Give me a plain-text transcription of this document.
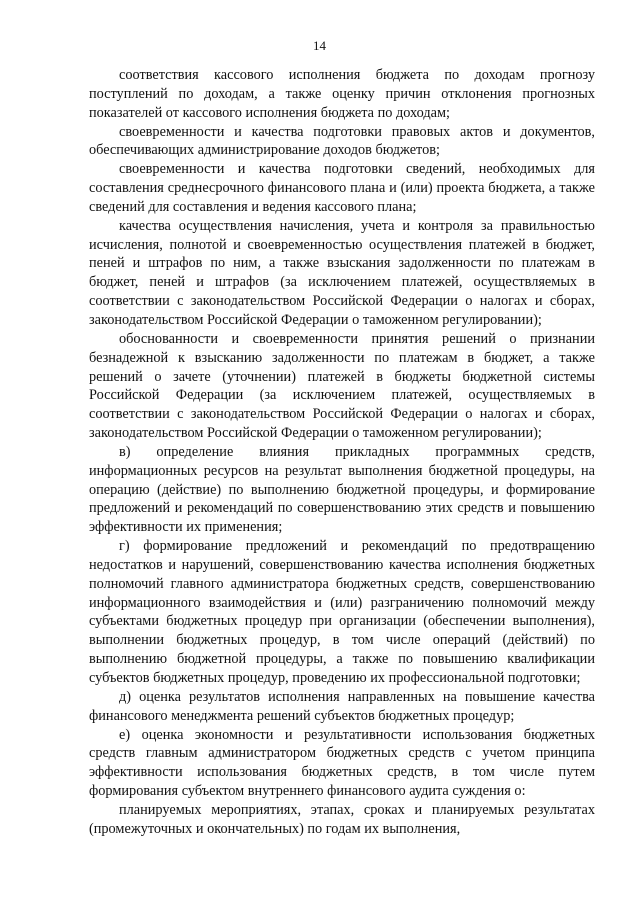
14

соответствия кассового исполнения бюджета по доходам прогнозу поступлений по доходам, а также оценку причин отклонения прогнозных показателей от кассового исполнения бюджета по доходам;

своевременности и качества подготовки правовых актов и документов, обеспечивающих администрирование доходов бюджетов;

своевременности и качества подготовки сведений, необходимых для составления среднесрочного финансового плана и (или) проекта бюджета, а также сведений для составления и ведения кассового плана;

качества осуществления начисления, учета и контроля за правильностью исчисления, полнотой и своевременностью осуществления платежей в бюджет, пеней и штрафов по ним, а также взыскания задолженности по платежам в бюджет, пеней и штрафов (за исключением платежей, осуществляемых в соответствии с законодательством Российской Федерации о налогах и сборах, законодательством Российской Федерации о таможенном регулировании);

обоснованности и своевременности принятия решений о признании безнадежной к взысканию задолженности по платежам в бюджет, а также решений о зачете (уточнении) платежей в бюджеты бюджетной системы Российской Федерации (за исключением платежей, осуществляемых в соответствии с законодательством Российской Федерации о налогах и сборах, законодательством Российской Федерации о таможенном регулировании);

в) определение влияния прикладных программных средств, информационных ресурсов на результат выполнения бюджетной процедуры, на операцию (действие) по выполнению бюджетной процедуры, и формирование предложений и рекомендаций по совершенствованию этих средств и повышению эффективности их применения;

г) формирование предложений и рекомендаций по предотвращению недостатков и нарушений, совершенствованию качества исполнения бюджетных полномочий главного администратора бюджетных средств, совершенствованию информационного взаимодействия и (или) разграничению полномочий между субъектами бюджетных процедур при организации (обеспечении выполнения), выполнении бюджетных процедур, в том числе операций (действий) по выполнению бюджетной процедуры, а также по повышению квалификации субъектов бюджетных процедур, проведению их профессиональной подготовки;

д) оценка результатов исполнения направленных на повышение качества финансового менеджмента решений субъектов бюджетных процедур;

е) оценка экономности и результативности использования бюджетных средств главным администратором бюджетных средств с учетом принципа эффективности использования бюджетных средств, в том числе путем формирования субъектом внутреннего финансового аудита суждения о:

планируемых мероприятиях, этапах, сроках и планируемых результатах (промежуточных и окончательных) по годам их выполнения,
